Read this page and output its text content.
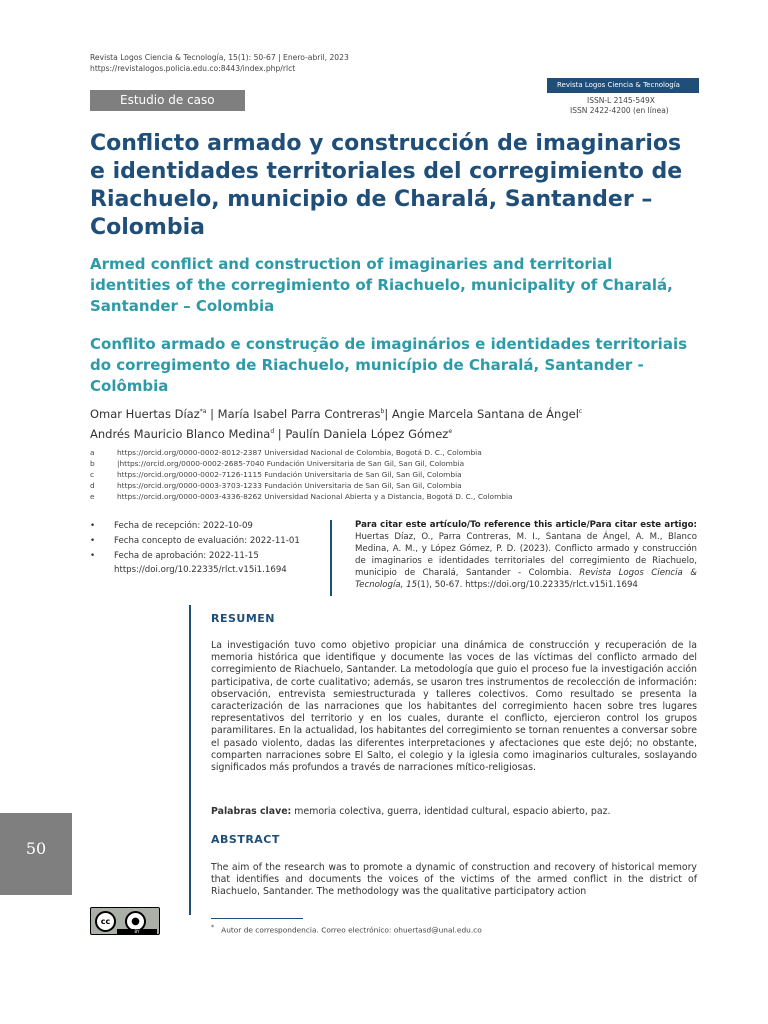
Revista Logos Ciencia & Tecnología, 15(1): 50-67 | Enero-abril, 2023
https://revistalogos.policia.edu.co:8443/index.php/rlct
Estudio de caso
Revista Logos Ciencia & Tecnología
ISSN-L 2145-549X
ISSN 2422-4200 (en línea)
Conflicto armado y construcción de imaginarios e identidades territoriales del corregimiento de Riachuelo, municipio de Charalá, Santander – Colombia
Armed conflict and construction of imaginaries and territorial identities of the corregimiento of Riachuelo, municipality of Charalá, Santander – Colombia
Conflito armado e construção de imaginários e identidades territoriais do corregimento de Riachuelo, município de Charalá, Santander - Colômbia
Omar Huertas Díaz$^{*a}$ | María Isabel Parra Contreras$^b$| Angie Marcela Santana de Ángel$^c$
Andrés Mauricio Blanco Medina$^d$ | Paulín Daniela López Gómez$^e$
a	https://orcid.org/0000-0002-8012-2387 Universidad Nacional de Colombia, Bogotá D. C., Colombia
b	|https://orcid.org/0000-0002-2685-7040 Fundación Universitaria de San Gil, San Gil, Colombia
c	https://orcid.org/0000-0002-7126-1115 Fundación Universitaria de San Gil, San Gil, Colombia
d	https://orcid.org/0000-0003-3703-1233 Fundación Universitaria de San Gil, San Gil, Colombia
e	https://orcid.org/0000-0003-4336-8262 Universidad Nacional Abierta y a Distancia, Bogotá D. C., Colombia
• Fecha de recepción: 2022-10-09
• Fecha concepto de evaluación: 2022-11-01
• Fecha de aprobación: 2022-11-15
https://doi.org/10.22335/rlct.v15i1.1694
Para citar este artículo/To reference this article/Para citar este artigo: Huertas Díaz, O., Parra Contreras, M. I., Santana de Ángel, A. M., Blanco Medina, A. M., y López Gómez, P. D. (2023). Conflicto armado y construcción de imaginarios e identidades territoriales del corregimiento de Riachuelo, municipio de Charalá, Santander - Colombia. Revista Logos Ciencia & Tecnología, 15(1), 50-67. https://doi.org/10.22335/rlct.v15i1.1694
RESUMEN
La investigación tuvo como objetivo propiciar una dinámica de construcción y recuperación de la memoria histórica que identifique y documente las voces de las víctimas del conflicto armado del corregimiento de Riachuelo, Santander. La metodología que guio el proceso fue la investigación acción participativa, de corte cualitativo; además, se usaron tres instrumentos de recolección de información: observación, entrevista semiestructurada y talleres colectivos. Como resultado se presenta la caracterización de las narraciones que los habitantes del corregimiento hacen sobre tres lugares representativos del territorio y en los cuales, durante el conflicto, ejercieron control los grupos paramilitares. En la actualidad, los habitantes del corregimiento se tornan renuentes a conversar sobre el pasado violento, dadas las diferentes interpretaciones y afectaciones que este dejó; no obstante, comparten narraciones sobre El Salto, el colegio y la iglesia como imaginarios culturales, soslayando significados más profundos a través de narraciones mítico-religiosas.
Palabras clave: memoria colectiva, guerra, identidad cultural, espacio abierto, paz.
ABSTRACT
The aim of the research was to promote a dynamic of construction and recovery of historical memory that identifies and documents the voices of the victims of the armed conflict in the district of Riachuelo, Santander. The methodology was the qualitative participatory action
50
cc	●
BY
* Autor de correspondencia. Correo electrónico: ohuertasd@unal.edu.co
